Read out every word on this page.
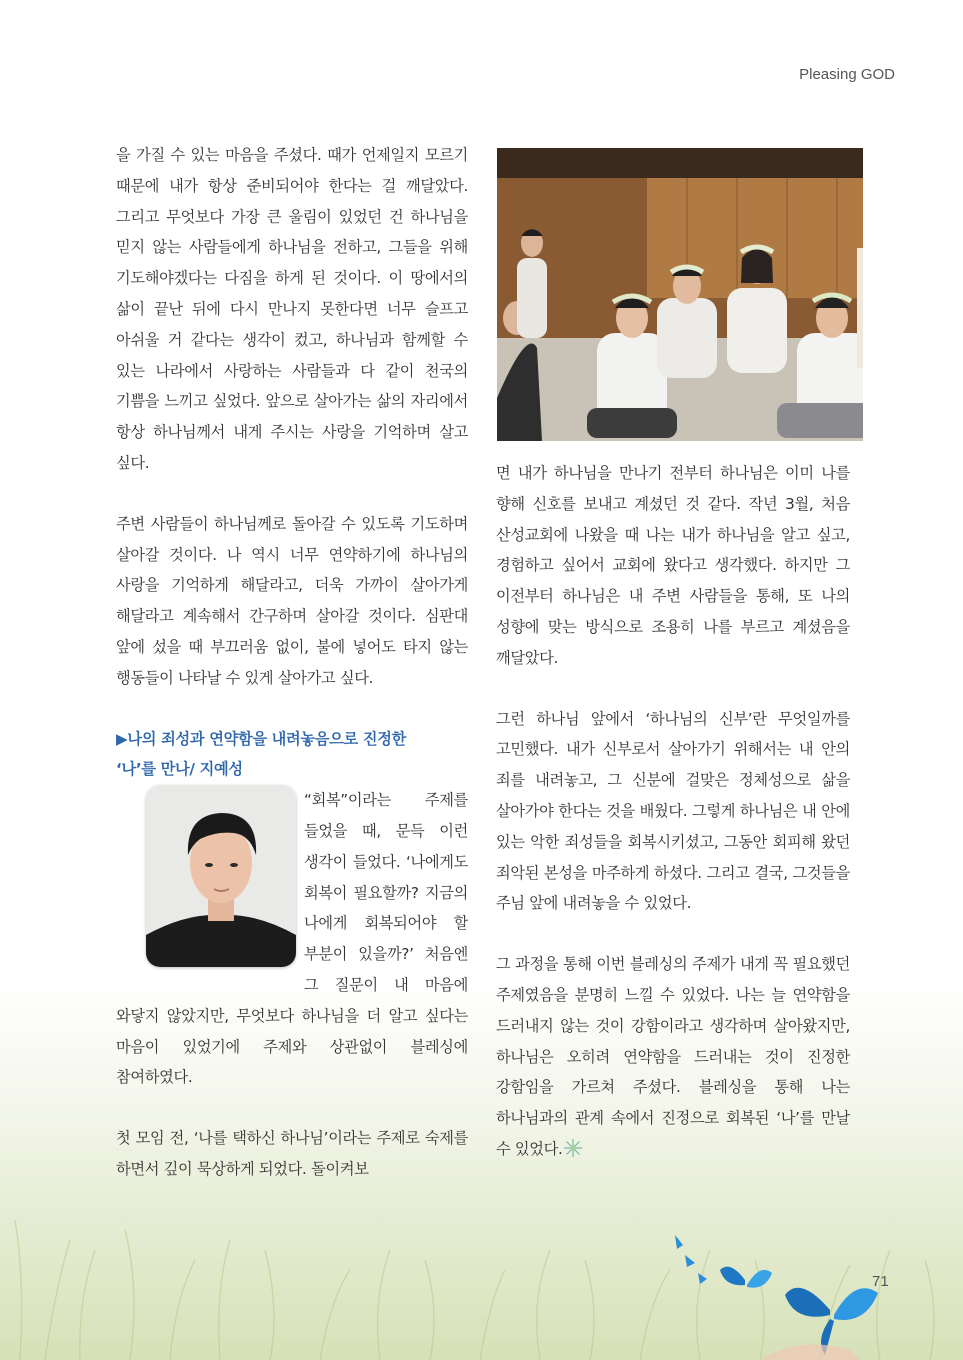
Pleasing GOD

을 가질 수 있는 마음을 주셨다. 때가 언제일지 모르기 때문에 내가 항상 준비되어야 한다는 걸 깨달았다. 그리고 무엇보다 가장 큰 울림이 있었던 건 하나님을 믿지 않는 사람들에게 하나님을 전하고, 그들을 위해 기도해야겠다는 다짐을 하게 된 것이다. 이 땅에서의 삶이 끝난 뒤에 다시 만나지 못한다면 너무 슬프고 아쉬울 거 같다는 생각이 컸고, 하나님과 함께할 수 있는 나라에서 사랑하는 사람들과 다 같이 천국의 기쁨을 느끼고 싶었다. 앞으로 살아가는 삶의 자리에서 항상 하나님께서 내게 주시는 사랑을 기억하며 살고 싶다.

주변 사람들이 하나님께로 돌아갈 수 있도록 기도하며 살아갈 것이다. 나 역시 너무 연약하기에 하나님의 사랑을 기억하게 해달라고, 더욱 가까이 살아가게 해달라고 계속해서 간구하며 살아갈 것이다. 심판대 앞에 섰을 때 부끄러움 없이, 불에 넣어도 타지 않는 행동들이 나타날 수 있게 살아가고 싶다.

▶나의 죄성과 연약함을 내려놓음으로 진정한

‘나’를 만나/ 지예성

“회복”이라는 주제를 들었을 때, 문득 이런 생각이 들었다. ‘나에게도 회복이 필요할까? 지금의 나에게 회복되어야 할 부분이 있을까?’ 처음엔 그 질문이 내 마음에 와닿지 않았지만, 무엇보다 하나님을 더 알고 싶다는 마음이 있었기에 주제와 상관없이 블레싱에 참여하였다.

첫 모임 전, ‘나를 택하신 하나님’이라는 주제로 숙제를 하면서 깊이 묵상하게 되었다. 돌이켜보

면 내가 하나님을 만나기 전부터 하나님은 이미 나를 향해 신호를 보내고 계셨던 것 같다. 작년 3월, 처음 산성교회에 나왔을 때 나는 내가 하나님을 알고 싶고, 경험하고 싶어서 교회에 왔다고 생각했다. 하지만 그 이전부터 하나님은 내 주변 사람들을 통해, 또 나의 성향에 맞는 방식으로 조용히 나를 부르고 계셨음을 깨달았다.

그런 하나님 앞에서 ‘하나님의 신부’란 무엇일까를 고민했다. 내가 신부로서 살아가기 위해서는 내 안의 죄를 내려놓고, 그 신분에 걸맞은 정체성으로 삶을 살아가야 한다는 것을 배웠다. 그렇게 하나님은 내 안에 있는 악한 죄성들을 회복시키셨고, 그동안 회피해 왔던 죄악된 본성을 마주하게 하셨다. 그리고 결국, 그것들을 주님 앞에 내려놓을 수 있었다.

그 과정을 통해 이번 블레싱의 주제가 내게 꼭 필요했던 주제였음을 분명히 느낄 수 있었다. 나는 늘 연약함을 드러내지 않는 것이 강함이라고 생각하며 살아왔지만, 하나님은 오히려 연약함을 드러내는 것이 진정한 강함임을 가르쳐 주셨다. 블레싱을 통해 나는 하나님과의 관계 속에서 진정으로 회복된 ‘나’를 만날 수 있었다.

71
